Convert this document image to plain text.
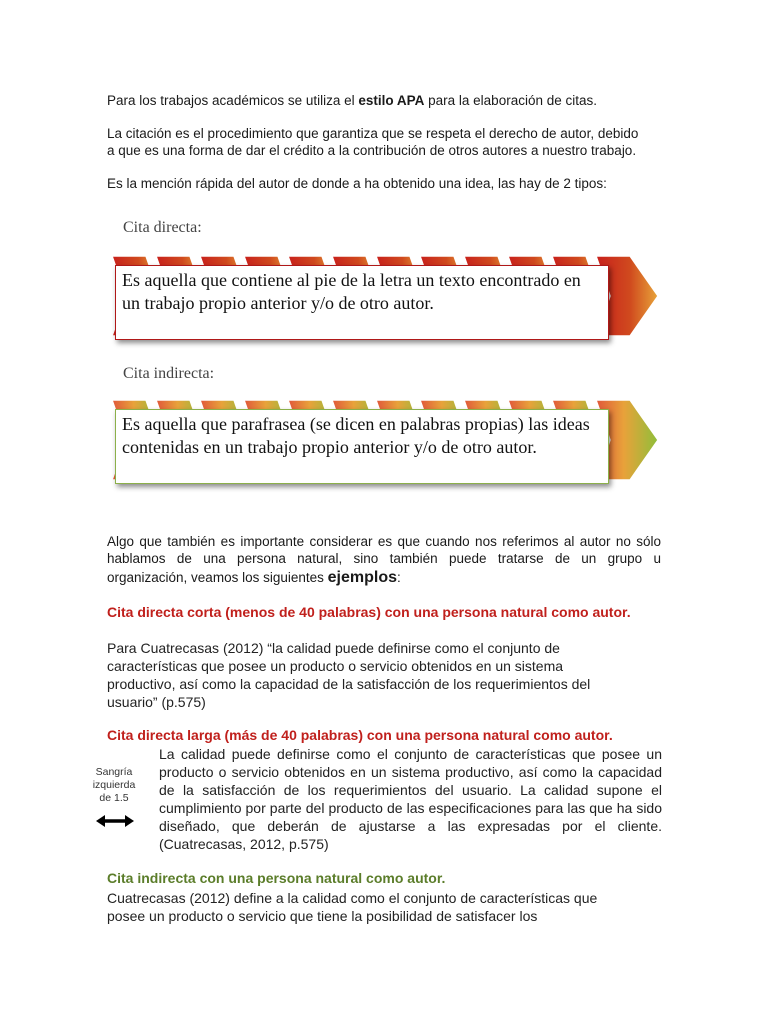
Para los trabajos académicos se utiliza el estilo APA para la elaboración de citas.
La citación es el procedimiento que garantiza que se respeta el derecho de autor, debido
a que es una forma de dar el crédito a la contribución de otros autores a nuestro trabajo.
Es la mención rápida del autor de donde a ha obtenido una idea, las hay de 2 tipos:
Cita directa:
Es aquella que contiene al pie de la letra un texto encontrado en un trabajo propio anterior y/o de otro autor.
Cita indirecta:
Es aquella que parafrasea (se dicen en palabras propias) las ideas contenidas en un trabajo propio anterior y/o de otro autor.
Algo que también es importante considerar es que cuando nos referimos al autor no sólo
hablamos de una persona natural, sino también puede tratarse de un grupo u
organización, veamos los siguientes ejemplos:
Cita directa corta (menos de 40 palabras) con una persona natural como autor.
Para Cuatrecasas (2012) “la calidad puede definirse como el conjunto de
características que posee un producto o servicio obtenidos en un sistema
productivo, así como la capacidad de la satisfacción de los requerimientos del
usuario” (p.575)
Cita directa larga (más de 40 palabras) con una persona natural como autor.
Sangría
izquierda
de 1.5
La calidad puede definirse como el conjunto de características que posee un producto o servicio obtenidos en un sistema productivo, así como la capacidad de la satisfacción de los requerimientos del usuario. La calidad supone el cumplimiento por parte del producto de las especificaciones para las que ha sido diseñado, que deberán de ajustarse a las expresadas por el cliente. (Cuatrecasas, 2012, p.575)
Cita indirecta con una persona natural como autor.
Cuatrecasas (2012) define a la calidad como el conjunto de características que
posee un producto o servicio que tiene la posibilidad de satisfacer los
